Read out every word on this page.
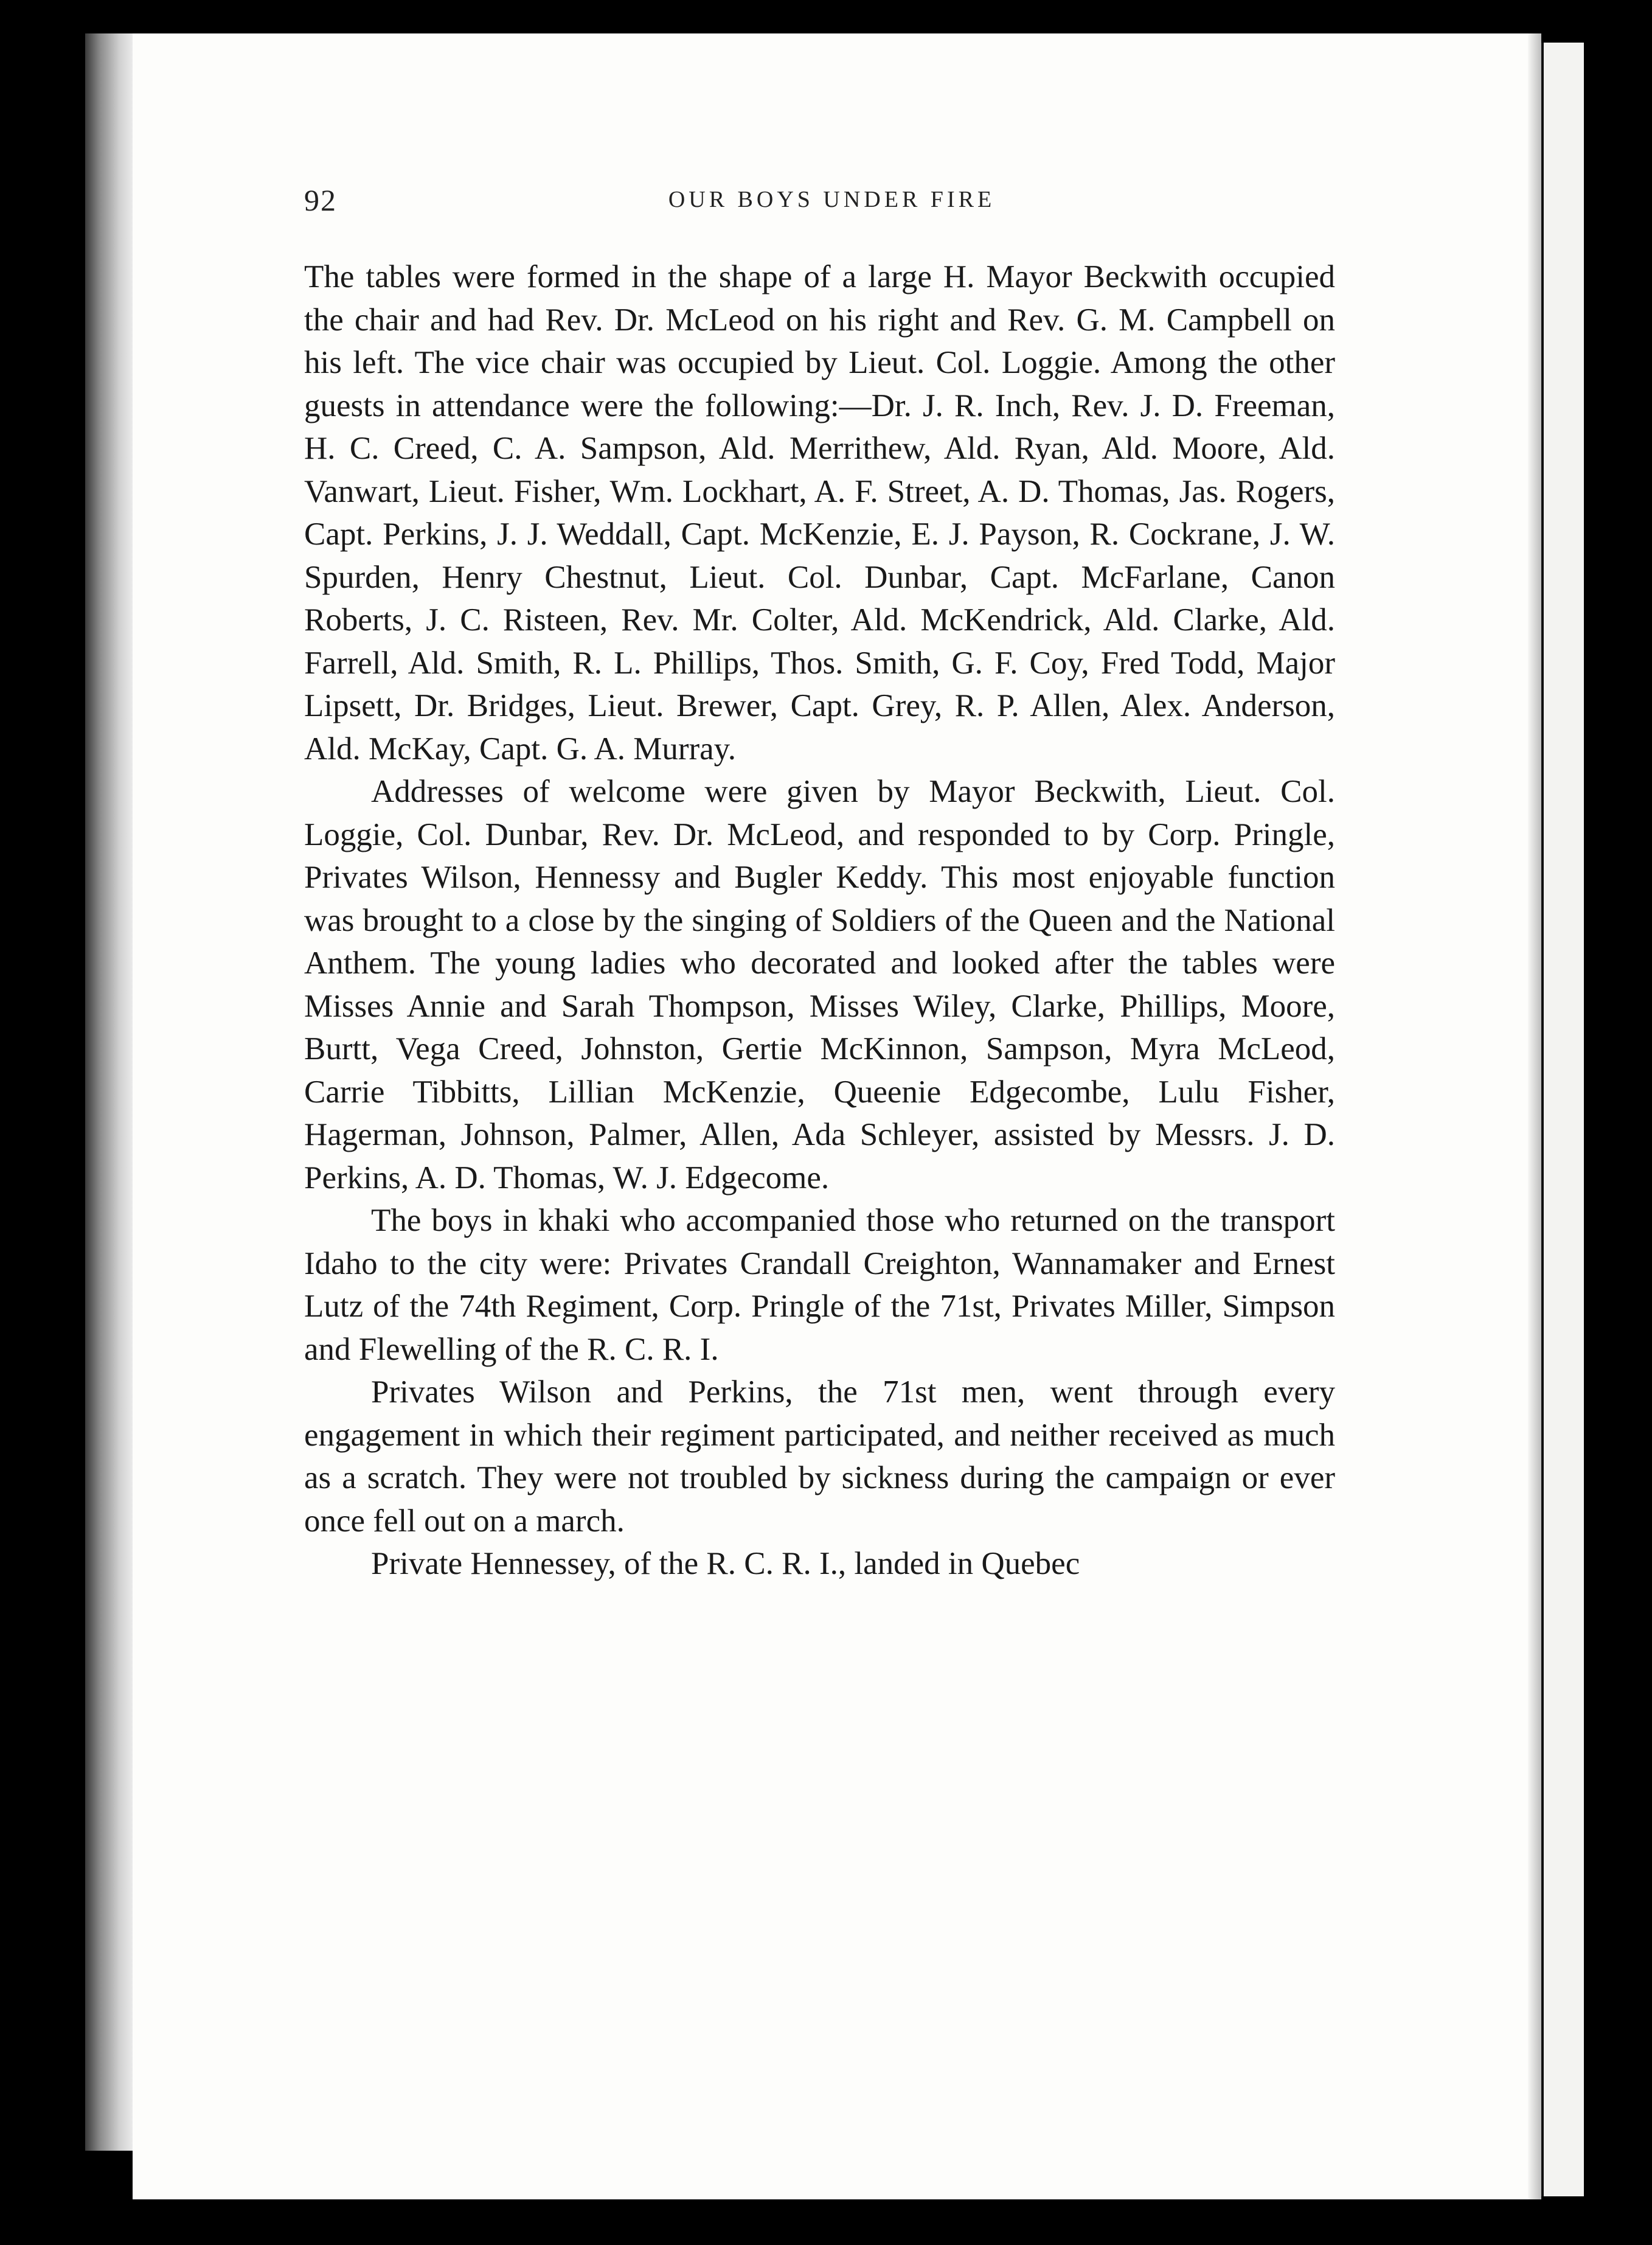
92	OUR BOYS UNDER FIRE

The tables were formed in the shape of a large H. Mayor Beckwith occupied the chair and had Rev. Dr. McLeod on his right and Rev. G. M. Campbell on his left. The vice chair was occupied by Lieut. Col. Loggie. Among the other guests in attendance were the following:—Dr. J. R. Inch, Rev. J. D. Freeman, H. C. Creed, C. A. Sampson, Ald. Merrithew, Ald. Ryan, Ald. Moore, Ald. Vanwart, Lieut. Fisher, Wm. Lockhart, A. F. Street, A. D. Thomas, Jas. Rogers, Capt. Perkins, J. J. Weddall, Capt. McKenzie, E. J. Payson, R. Cockrane, J. W. Spurden, Henry Chestnut, Lieut. Col. Dunbar, Capt. McFarlane, Canon Roberts, J. C. Risteen, Rev. Mr. Colter, Ald. McKendrick, Ald. Clarke, Ald. Farrell, Ald. Smith, R. L. Phillips, Thos. Smith, G. F. Coy, Fred Todd, Major Lipsett, Dr. Bridges, Lieut. Brewer, Capt. Grey, R. P. Allen, Alex. Anderson, Ald. McKay, Capt. G. A. Murray.

Addresses of welcome were given by Mayor Beckwith, Lieut. Col. Loggie, Col. Dunbar, Rev. Dr. McLeod, and responded to by Corp. Pringle, Privates Wilson, Hennessy and Bugler Keddy. This most enjoyable function was brought to a close by the singing of Soldiers of the Queen and the National Anthem. The young ladies who decorated and looked after the tables were Misses Annie and Sarah Thompson, Misses Wiley, Clarke, Phillips, Moore, Burtt, Vega Creed, Johnston, Gertie McKinnon, Sampson, Myra McLeod, Carrie Tibbitts, Lillian McKenzie, Queenie Edgecombe, Lulu Fisher, Hagerman, Johnson, Palmer, Allen, Ada Schleyer, assisted by Messrs. J. D. Perkins, A. D. Thomas, W. J. Edgecome.

The boys in khaki who accompanied those who returned on the transport Idaho to the city were: Privates Crandall Creighton, Wannamaker and Ernest Lutz of the 74th Regiment, Corp. Pringle of the 71st, Privates Miller, Simpson and Flewelling of the R. C. R. I.

Privates Wilson and Perkins, the 71st men, went through every engagement in which their regiment participated, and neither received as much as a scratch. They were not troubled by sickness during the campaign or ever once fell out on a march.

Private Hennessey, of the R. C. R. I., landed in Quebec
